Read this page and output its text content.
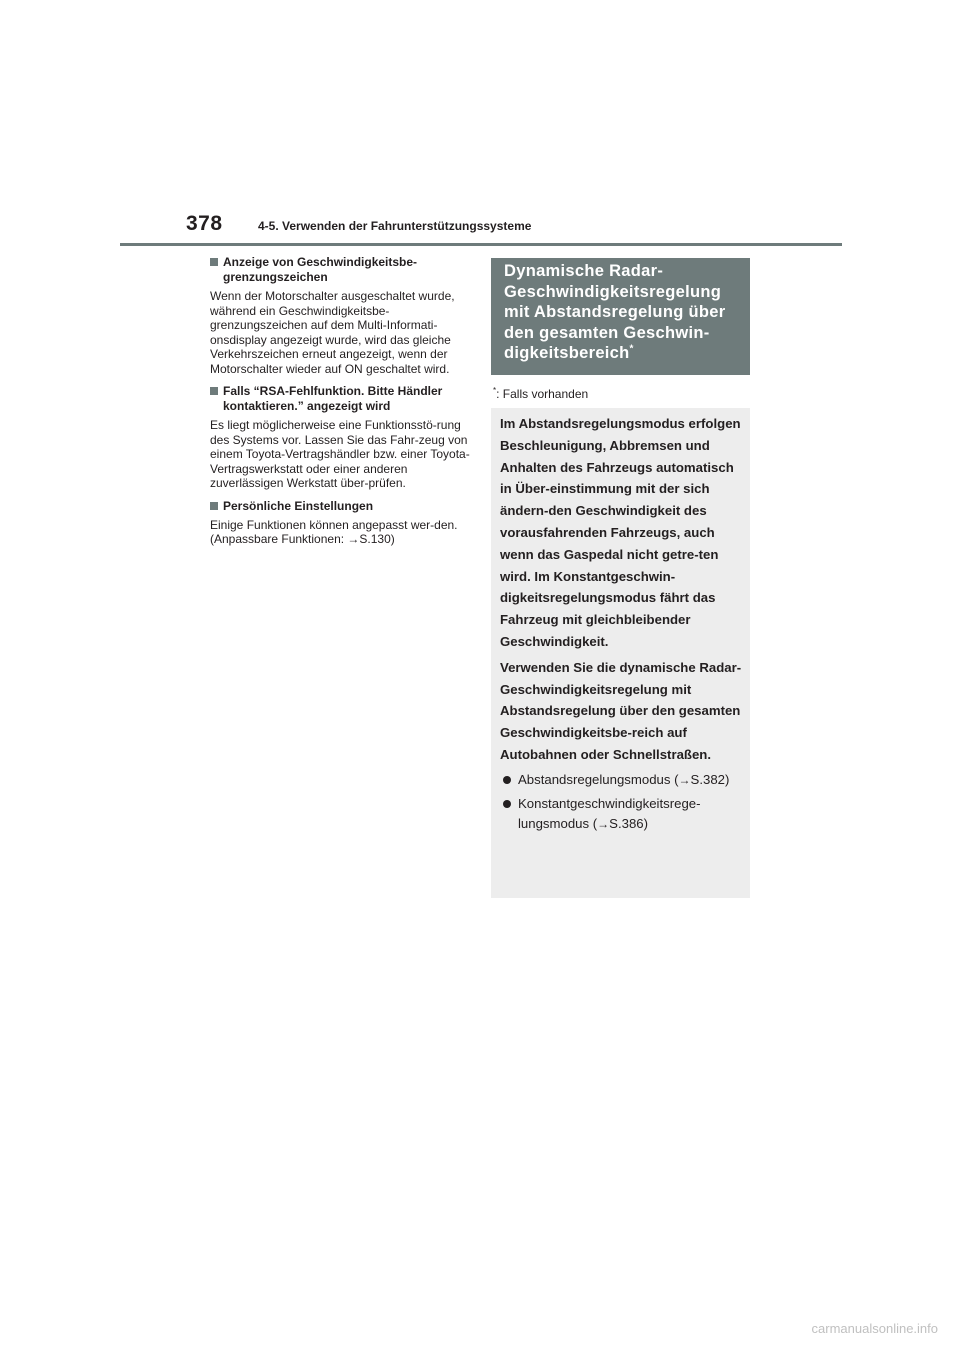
378	4-5. Verwenden der Fahrunterstützungssysteme
Anzeige von Geschwindigkeitsbe-
grenzungszeichen
Wenn der Motorschalter ausgeschaltet wurde, während ein Geschwindigkeitsbe-grenzungszeichen auf dem Multi-Informati-onsdisplay angezeigt wurde, wird das gleiche Verkehrszeichen erneut angezeigt, wenn der Motorschalter wieder auf ON geschaltet wird.
Falls “RSA-Fehlfunktion. Bitte Händler kontaktieren.” angezeigt wird
Es liegt möglicherweise eine Funktionsstö-rung des Systems vor. Lassen Sie das Fahr-zeug von einem Toyota-Vertragshändler bzw. einer Toyota-Vertragswerkstatt oder einer anderen zuverlässigen Werkstatt über-prüfen.
Persönliche Einstellungen
Einige Funktionen können angepasst wer-den. (Anpassbare Funktionen: →S.130)
Dynamische Radar-
Geschwindigkeitsregelung
mit Abstandsregelung über
den gesamten Geschwin-
digkeitsbereich*
*: Falls vorhanden

Im Abstandsregelungsmodus erfolgen Beschleunigung, Abbremsen und Anhalten des Fahrzeugs automatisch in Über-einstimmung mit der sich ändern-den Geschwindigkeit des vorausfahrenden Fahrzeugs, auch wenn das Gaspedal nicht getre-ten wird. Im Konstantgeschwin-digkeitsregelungsmodus fährt das Fahrzeug mit gleichbleibender Geschwindigkeit.

Verwenden Sie die dynamische Radar-Geschwindigkeitsregelung mit Abstandsregelung über den gesamten Geschwindigkeitsbe-reich auf Autobahnen oder Schnellstraßen.

Abstandsregelungsmodus (→S.382)
Konstantgeschwindigkeitsrege-lungsmodus (→S.386)
carmanualsonline.info
